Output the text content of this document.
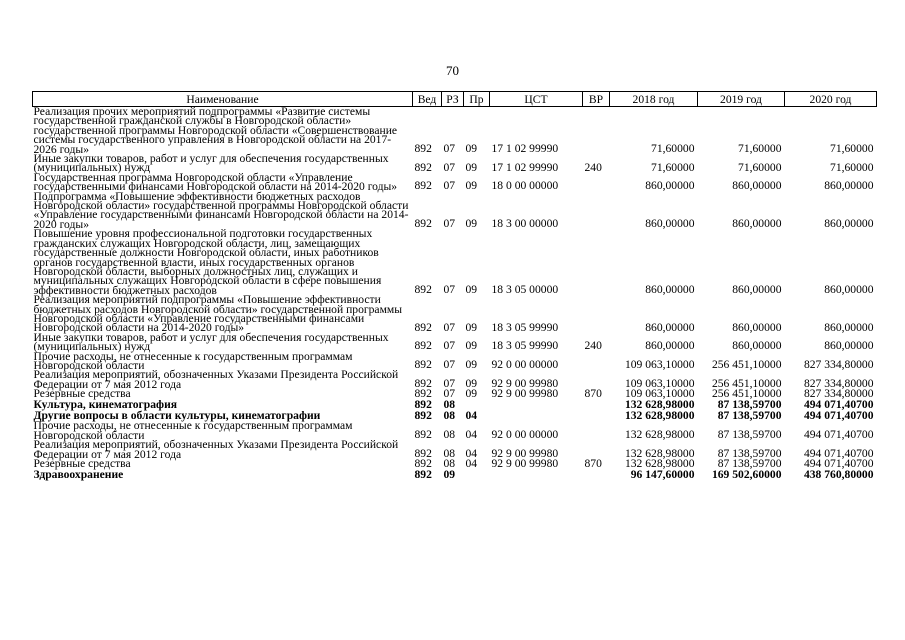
70
Наименование	Вед	РЗ	Пр	ЦСТ	ВР	2018 год	2019 год	2020 год
Реализация прочих мероприятий подпрограммы «Развитие системы государственной гражданской службы в Новгородской области» государственной программы Новгородской области «Совершенствование системы государственного управления в Новгородской области на 2017-2026 годы»	892	07	09	17 1 02 99990		71,60000	71,60000	71,60000
Иные закупки товаров, работ и услуг для обеспечения государственных (муниципальных) нужд	892	07	09	17 1 02 99990	240	71,60000	71,60000	71,60000
Государственная программа Новгородской области «Управление государственными финансами Новгородской области на 2014-2020 годы»	892	07	09	18 0 00 00000		860,00000	860,00000	860,00000
Подпрограмма «Повышение эффективности бюджетных расходов Новгородской области» государственной программы Новгородской области «Управление государственными финансами Новгородской области на 2014-2020 годы»	892	07	09	18 3 00 00000		860,00000	860,00000	860,00000
Повышение уровня профессиональной подготовки государственных гражданских служащих Новгородской области, лиц, замещающих государственные должности Новгородской области, иных работников органов государственной власти, иных государственных органов Новгородской области, выборных должностных лиц, служащих и муниципальных служащих Новгородской области в сфере повышения эффективности бюджетных расходов	892	07	09	18 3 05 00000		860,00000	860,00000	860,00000
Реализация мероприятий подпрограммы «Повышение эффективности бюджетных расходов Новгородской области» государственной программы Новгородской области «Управление государственными финансами Новгородской области на 2014-2020 годы»	892	07	09	18 3 05 99990		860,00000	860,00000	860,00000
Иные закупки товаров, работ и услуг для обеспечения государственных (муниципальных) нужд	892	07	09	18 3 05 99990	240	860,00000	860,00000	860,00000
Прочие расходы, не отнесенные к государственным программам Новгородской области	892	07	09	92 0 00 00000		109 063,10000	256 451,10000	827 334,80000
Реализация мероприятий, обозначенных Указами Президента Российской Федерации от 7 мая 2012 года	892	07	09	92 9 00 99980		109 063,10000	256 451,10000	827 334,80000
Резервные средства	892	07	09	92 9 00 99980	870	109 063,10000	256 451,10000	827 334,80000
Культура, кинематография	892	08				132 628,98000	87 138,59700	494 071,40700
Другие вопросы в области культуры, кинематографии	892	08	04			132 628,98000	87 138,59700	494 071,40700
Прочие расходы, не отнесенные к государственным программам Новгородской области	892	08	04	92 0 00 00000		132 628,98000	87 138,59700	494 071,40700
Реализация мероприятий, обозначенных Указами Президента Российской Федерации от 7 мая 2012 года	892	08	04	92 9 00 99980		132 628,98000	87 138,59700	494 071,40700
Резервные средства	892	08	04	92 9 00 99980	870	132 628,98000	87 138,59700	494 071,40700
Здравоохранение	892	09				96 147,60000	169 502,60000	438 760,80000
